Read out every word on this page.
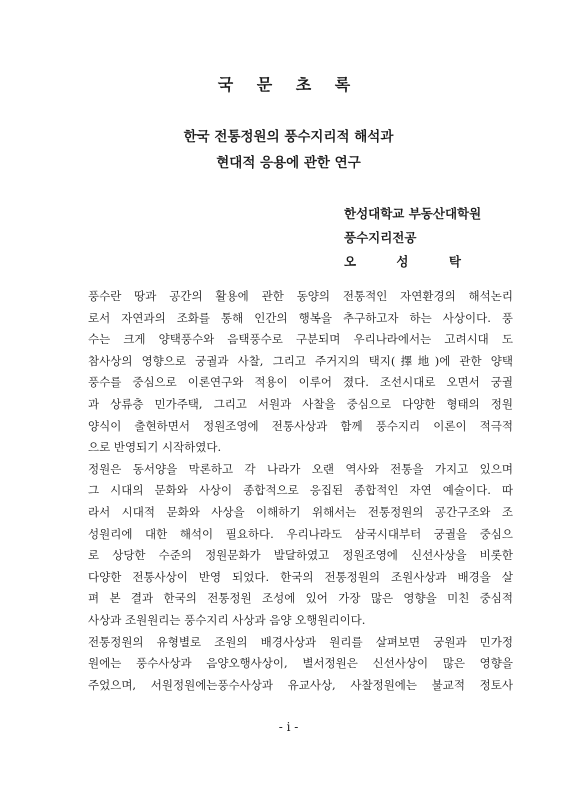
국 문 초 록
한국 전통정원의 풍수지리적 해석과
현대적 응용에 관한 연구
한성대학교 부동산대학원
풍수지리전공
오 성 탁
풍수란 땅과 공간의 활용에 관한 동양의 전통적인 자연환경의 해석논리
로서 자연과의 조화를 통해 인간의 행복을 추구하고자 하는 사상이다. 풍
수는 크게 양택풍수와 음택풍수로 구분되며 우리나라에서는 고려시대 도
참사상의 영향으로 궁궐과 사찰, 그리고 주거지의 택지(擇地)에 관한 양택
풍수를 중심으로 이론연구와 적용이 이루어 졌다. 조선시대로 오면서 궁궐
과 상류층 민가주택, 그리고 서원과 사찰을 중심으로 다양한 형태의 정원
양식이 출현하면서 정원조영에 전통사상과 함께 풍수지리 이론이 적극적
으로 반영되기 시작하였다.
정원은 동서양을 막론하고 각 나라가 오랜 역사와 전통을 가지고 있으며
그 시대의 문화와 사상이 종합적으로 응집된 종합적인 자연 예술이다. 따
라서 시대적 문화와 사상을 이해하기 위해서는 전통정원의 공간구조와 조
성원리에 대한 해석이 필요하다. 우리나라도 삼국시대부터 궁궐을 중심으
로 상당한 수준의 정원문화가 발달하였고 정원조영에 신선사상을 비롯한
다양한 전통사상이 반영 되었다. 한국의 전통정원의 조원사상과 배경을 살
펴 본 결과 한국의 전통정원 조성에 있어 가장 많은 영향을 미친 중심적
사상과 조원원리는 풍수지리 사상과 음양 오행원리이다.
전통정원의 유형별로 조원의 배경사상과 원리를 살펴보면 궁원과 민가정
원에는 풍수사상과 음양오행사상이, 별서정원은 신선사상이 많은 영향을
주었으며, 서원정원에는풍수사상과 유교사상, 사찰정원에는 불교적 정토사
- i -
